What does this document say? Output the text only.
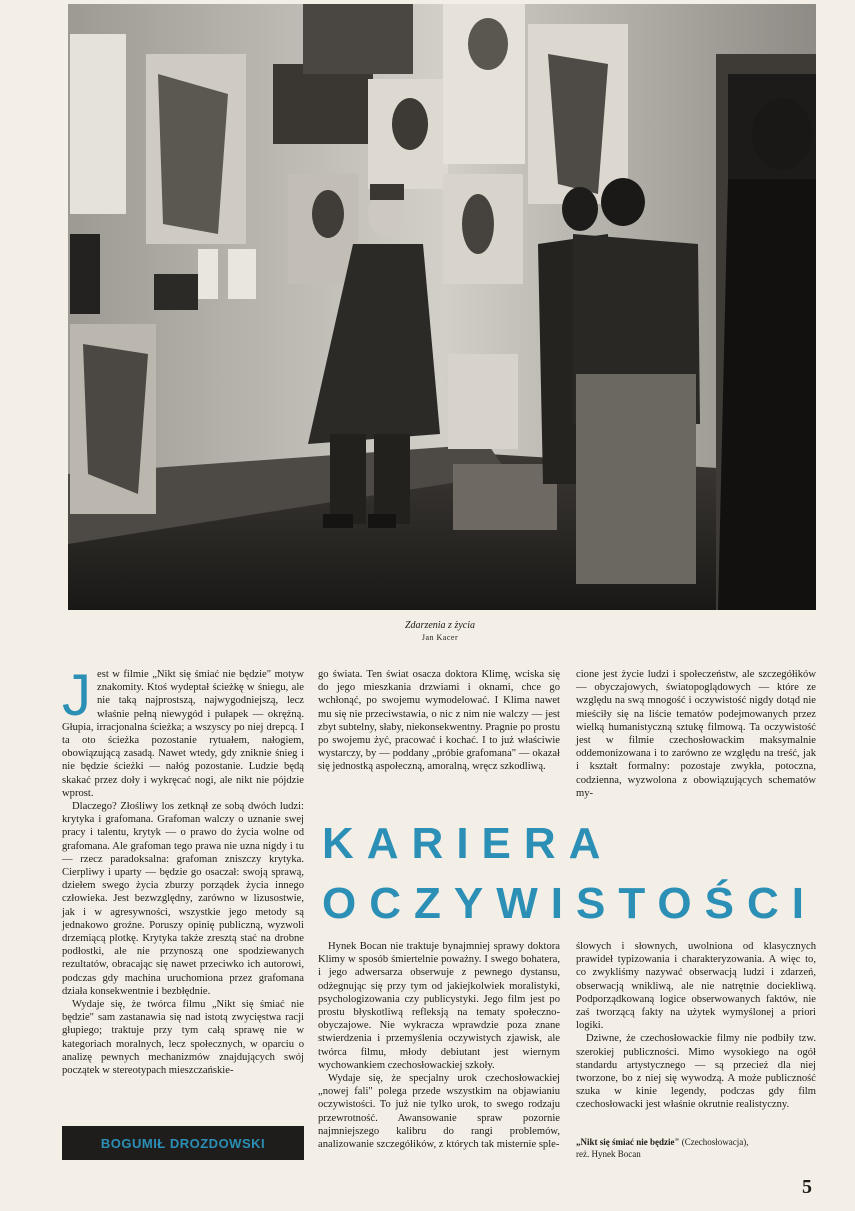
Zdarzenia z życia
Jan Kacer
J est w filmie „Nikt się śmiać nie będzie" motyw znakomity. Ktoś wydeptał ścieżkę w śniegu, ale nie taką najprostszą, najwygodniejszą, lecz właśnie pełną niewygód i pułapek — okrężną. Głupia, irracjonalna ścieżka; a wszyscy po niej drepcą. I ta oto ścieżka pozostanie rytuałem, nałogiem, obowiązującą zasadą. Nawet wtedy, gdy zniknie śnieg i nie będzie ścieżki — nałóg pozostanie. Ludzie będą skakać przez doły i wykręcać nogi, ale nikt nie pójdzie wprost.

Dlaczego? Złośliwy los zetknął ze sobą dwóch ludzi: krytyka i grafomana. Grafoman walczy o uznanie swej pracy i talentu, krytyk — o prawo do życia wolne od grafomana. Ale grafoman tego prawa nie uzna nigdy i tu — rzecz paradoksalna: grafoman zniszczy krytyka. Cierpliwy i uparty — będzie go osaczał: swoją sprawą, dziełem swego życia zburzy porządek życia innego człowieka. Jest bezwzględny, zarówno w lizusostwie, jak i w agresywności, wszystkie jego metody są jednakowo groźne. Poruszy opinię publiczną, wyzwoli drzemiącą plotkę. Krytyka także zresztą stać na drobne podłostki, ale nie przynoszą one spodziewanych rezultatów, obracając się nawet przeciwko ich autorowi, podczas gdy machina uruchomiona przez grafomana działa konsekwentnie i bezbłędnie.

Wydaje się, że twórca filmu „Nikt się śmiać nie będzie" sam zastanawia się nad istotą zwycięstwa racji głupiego; traktuje przy tym całą sprawę nie w kategoriach moralnych, lecz społecznych, w oparciu o analizę pewnych mechanizmów znajdujących swój początek w stereotypach mieszczańskie-

go świata. Ten świat osacza doktora Klimę, wciska się do jego mieszkania drzwiami i oknami, chce go wchłonąć, po swojemu wymodelować. I Klima nawet mu się nie przeciwstawia, o nic z nim nie walczy — jest zbyt subtelny, słaby, niekonsekwentny. Pragnie po prostu po swojemu żyć, pracować i kochać. I to już właściwie wystarczy, by — poddany „próbie grafomana" — okazał się jednostką aspołeczną, amoralną, wręcz szkodliwą.

cione jest życie ludzi i społeczeństw, ale szczegółików — obyczajowych, światopoglądowych — które ze względu na swą mnogość i oczywistość nigdy dotąd nie mieściły się na liście tematów podejmowanych przez wielką humanistyczną sztukę filmową. Ta oczywistość jest w filmie czechosłowackim maksymalnie oddemonizowana i to zarówno ze względu na treść, jak i kształt formalny: pozostaje zwykła, potoczna, codzienna, wyzwolona z obowiązujących schematów my-

KARIERA
OCZYWISTOŚCI

Hynek Bocan nie traktuje bynajmniej sprawy doktora Klimy w sposób śmiertelnie poważny. I swego bohatera, i jego adwersarza obserwuje z pewnego dystansu, odżegnując się przy tym od jakiejkolwiek moralistyki, psychologizowania czy publicystyki. Jego film jest po prostu błyskotliwą refleksją na tematy społeczno-obyczajowe. Nie wykracza wprawdzie poza znane stwierdzenia i przemyślenia oczywistych zjawisk, ale twórca filmu, młody debiutant jest wiernym wychowankiem czechosłowackiej szkoły.

Wydaje się, że specjalny urok czechosłowackiej „nowej fali" polega przede wszystkim na objawianiu oczywistości. To już nie tylko urok, to swego rodzaju przewrotność. Awansowanie spraw pozornie najmniejszego kalibru do rangi problemów, analizowanie szczegółików, z których tak misternie sple-

ślowych i słownych, uwolniona od klasycznych prawideł typizowania i charakteryzowania. A więc to, co zwykliśmy nazywać obserwacją ludzi i zdarzeń, obserwacją wnikliwą, ale nie natrętnie dociekliwą. Podporządkowaną logice obserwowanych faktów, nie zaś tworzącą fakty na użytek wymyślonej a priori logiki.

Dziwne, że czechosłowackie filmy nie podbiły tzw. szerokiej publiczności. Mimo wysokiego na ogół standardu artystycznego — są przecież dla niej tworzone, bo z niej się wywodzą. A może publiczność szuka w kinie legendy, podczas gdy film czechosłowacki jest właśnie okrutnie realistyczny.

BOGUMIŁ DROZDOWSKI	„Nikt się śmiać nie będzie" (Czechosłowacja),
reż. Hynek Bocan
5
